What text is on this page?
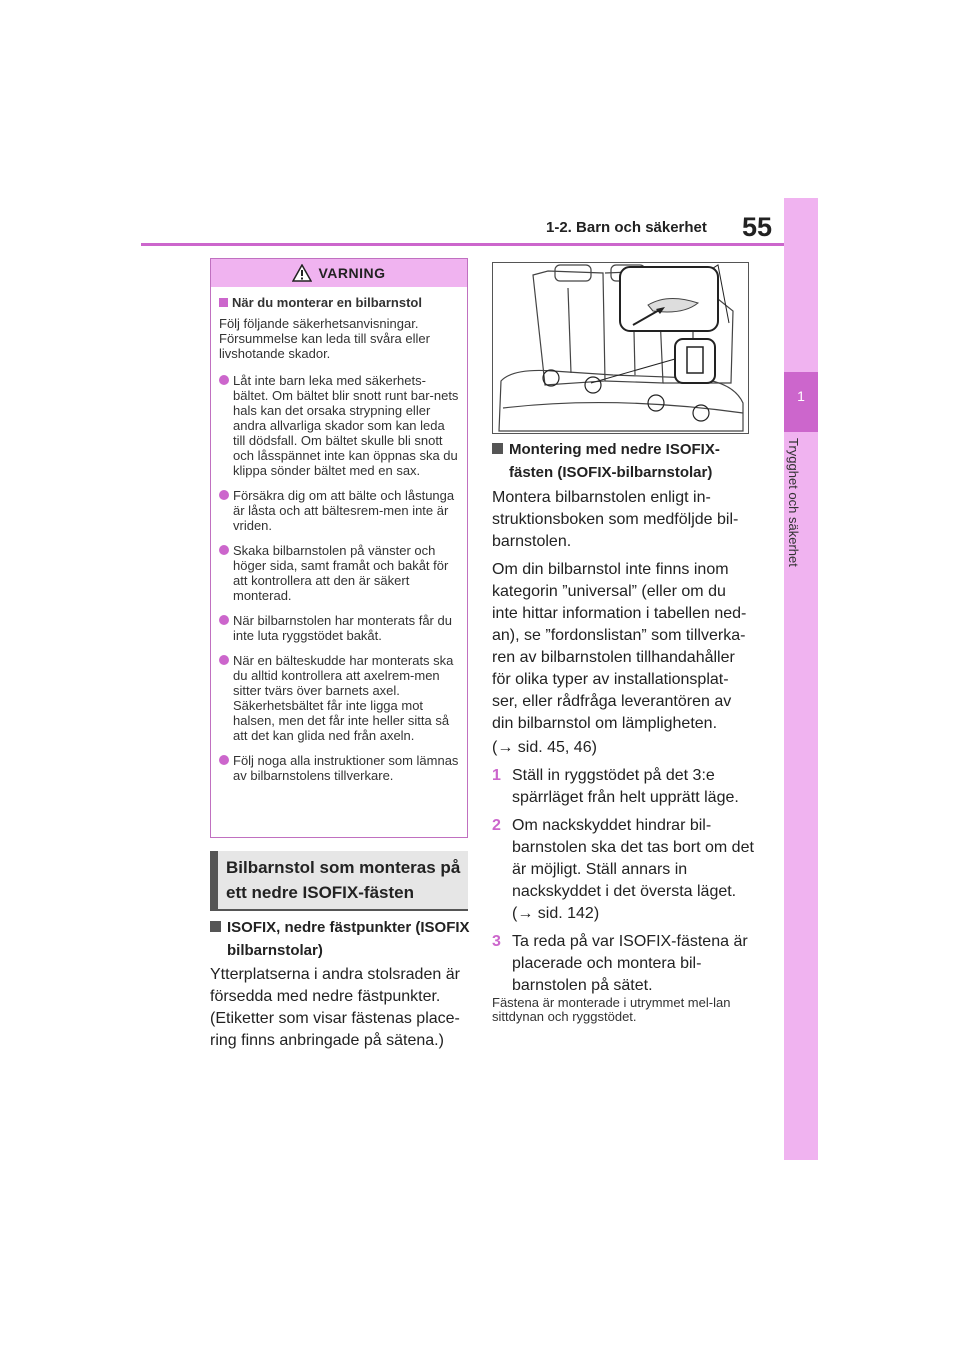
1-2. Barn och säkerhet 55
1
Trygghet och säkerhet
VARNING
När du monterar en bilbarnstol
Följ följande säkerhetsanvisningar. Försummelse kan leda till svåra eller livshotande skador.
Låt inte barn leka med säkerhets-bältet. Om bältet blir snott runt bar-nets hals kan det orsaka strypning eller andra allvarliga skador som kan leda till dödsfall. Om bältet skulle bli snott och låsspännet inte kan öppnas ska du klippa sönder bältet med en sax.
Försäkra dig om att bälte och låstunga är låsta och att bältesrem-men inte är vriden.
Skaka bilbarnstolen på vänster och höger sida, samt framåt och bakåt för att kontrollera att den är säkert monterad.
När bilbarnstolen har monterats får du inte luta ryggstödet bakåt.
När en bälteskudde har monterats ska du alltid kontrollera att axelrem-men sitter tvärs över barnets axel. Säkerhetsbältet får inte ligga mot halsen, men det får inte heller sitta så att det kan glida ned från axeln.
Följ noga alla instruktioner som lämnas av bilbarnstolens tillverkare.
Bilbarnstol som monteras på ett nedre ISOFIX-fästen
ISOFIX, nedre fästpunkter (ISOFIX bilbarnstolar)
Ytterplatserna i andra stolsraden är försedda med nedre fästpunkter. (Etiketter som visar fästenas place-ring finns anbringade på sätena.)
Montering med nedre ISOFIX-fästen (ISOFIX-bilbarnstolar)
Montera bilbarnstolen enligt in-struktionsboken som medföljde bil-barnstolen.
Om din bilbarnstol inte finns inom kategorin ”universal” (eller om du inte hittar information i tabellen ned-an), se ”fordonslistan” som tillverka-ren av bilbarnstolen tillhandahåller för olika typer av installationsplat-ser, eller rådfråga leverantören av din bilbarnstol om lämpligheten.
(→ sid. 45, 46)
1 Ställ in ryggstödet på det 3:e spärrläget från helt upprätt läge.
2 Om nackskyddet hindrar bil-barnstolen ska det tas bort om det är möjligt. Ställ annars in nackskyddet i det översta läget.
(→ sid. 142)
3 Ta reda på var ISOFIX-fästena är placerade och montera bil-barnstolen på sätet.
Fästena är monterade i utrymmet mel-lan sittdynan och ryggstödet.
